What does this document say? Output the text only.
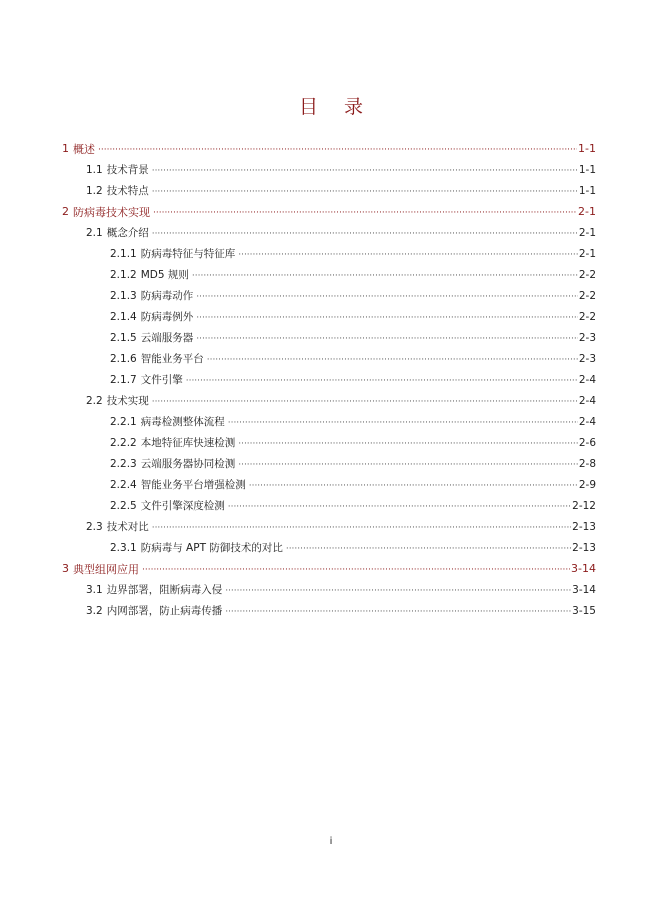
目 录
1 概述 ·····	1-1
1.1 技术背景 ·····	1-1
1.2 技术特点 ·····	1-1
2 防病毒技术实现 ·····	2-1
2.1 概念介绍 ·····	2-1
2.1.1 防病毒特征与特征库 ·····	2-1
2.1.2 MD5 规则 ·····	2-2
2.1.3 防病毒动作 ·····	2-2
2.1.4 防病毒例外 ·····	2-2
2.1.5 云端服务器 ·····	2-3
2.1.6 智能业务平台 ·····	2-3
2.1.7 文件引擎 ·····	2-4
2.2 技术实现 ·····	2-4
2.2.1 病毒检测整体流程 ·····	2-4
2.2.2 本地特征库快速检测 ·····	2-6
2.2.3 云端服务器协同检测 ·····	2-8
2.2.4 智能业务平台增强检测 ·····	2-9
2.2.5 文件引擎深度检测 ·····	2-12
2.3 技术对比 ·····	2-13
2.3.1 防病毒与 APT 防御技术的对比 ·····	2-13
3 典型组网应用 ·····	3-14
3.1 边界部署，阻断病毒入侵 ·····	3-14
3.2 内网部署，防止病毒传播 ·····	3-15
i
